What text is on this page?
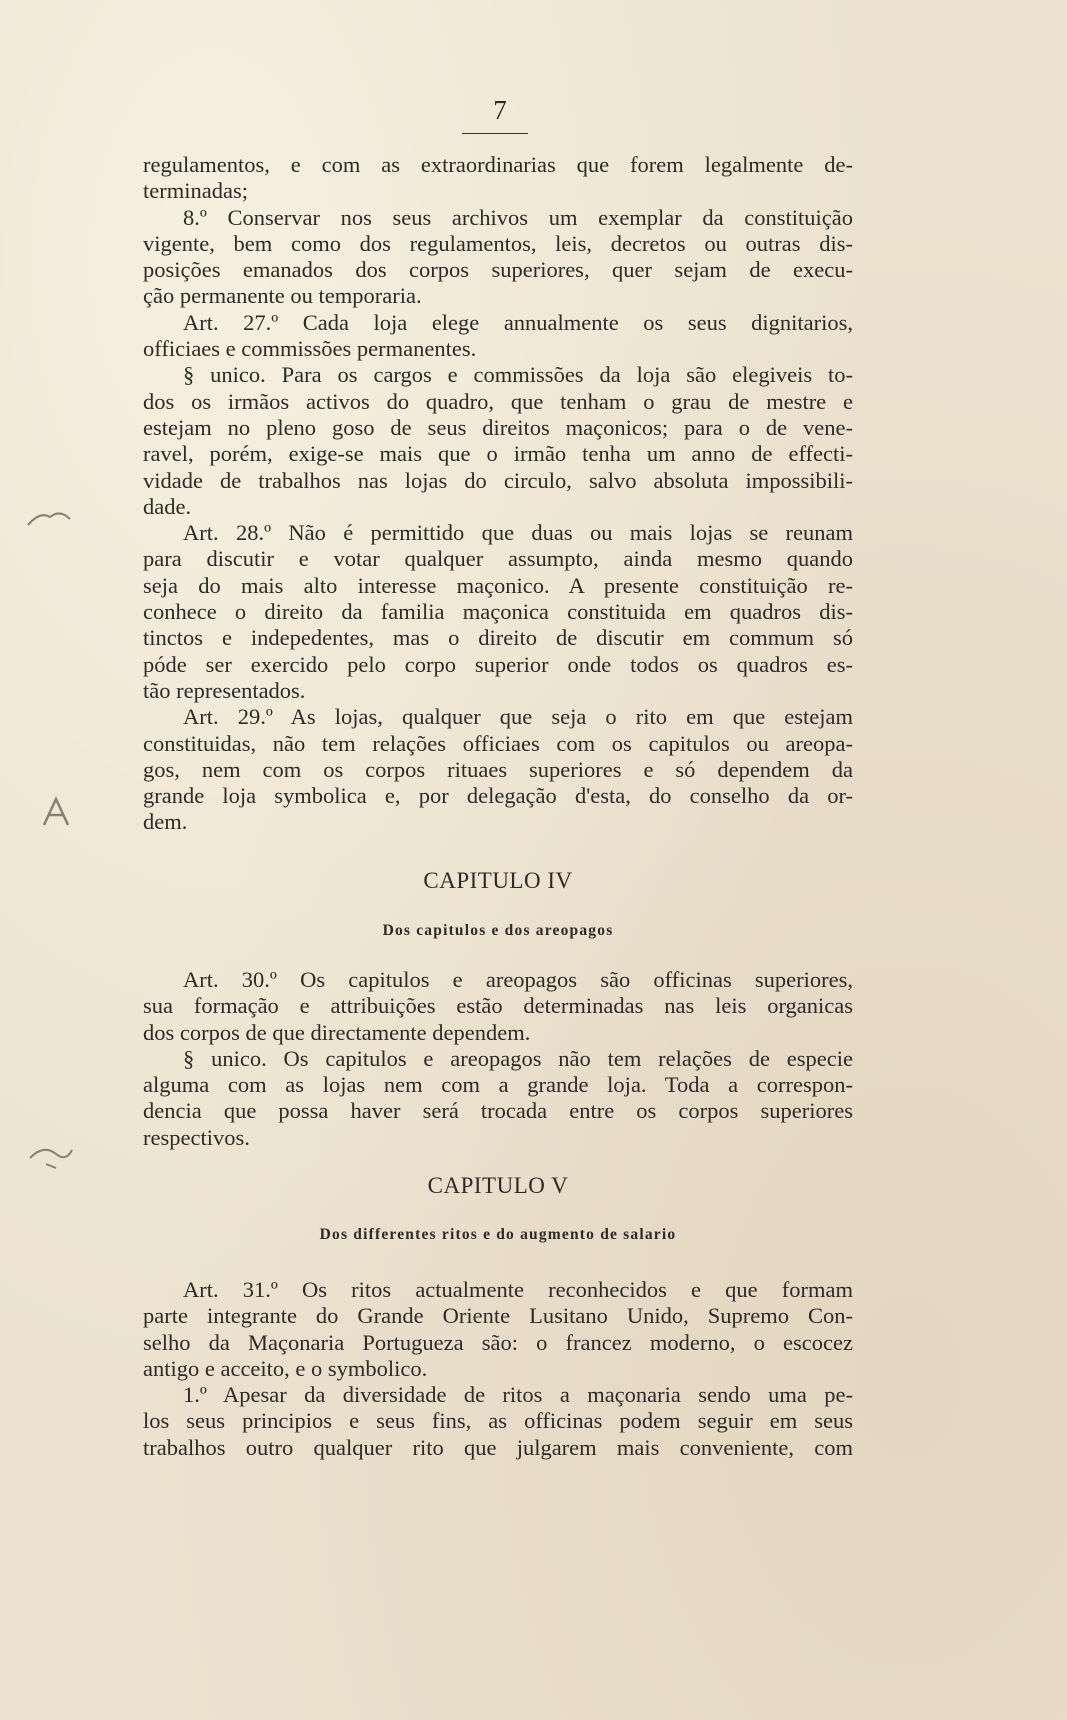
7
regulamentos, e com as extraordinarias que forem legalmente de-
terminadas;
8.º Conservar nos seus archivos um exemplar da constituição
vigente, bem como dos regulamentos, leis, decretos ou outras dis-
posições emanados dos corpos superiores, quer sejam de execu-
ção permanente ou temporaria.
Art. 27.º Cada loja elege annualmente os seus dignitarios,
officiaes e commissões permanentes.
§ unico. Para os cargos e commissões da loja são elegiveis to-
dos os irmãos activos do quadro, que tenham o grau de mestre e
estejam no pleno goso de seus direitos maçonicos; para o de vene-
ravel, porém, exige-se mais que o irmão tenha um anno de effecti-
vidade de trabalhos nas lojas do circulo, salvo absoluta impossibili-
dade.
Art. 28.º Não é permittido que duas ou mais lojas se reunam
para discutir e votar qualquer assumpto, ainda mesmo quando
seja do mais alto interesse maçonico. A presente constituição re-
conhece o direito da familia maçonica constituida em quadros dis-
tinctos e indepedentes, mas o direito de discutir em commum só
póde ser exercido pelo corpo superior onde todos os quadros es-
tão representados.
Art. 29.º As lojas, qualquer que seja o rito em que estejam
constituidas, não tem relações officiaes com os capitulos ou areopa-
gos, nem com os corpos rituaes superiores e só dependem da
grande loja symbolica e, por delegação d'esta, do conselho da or-
dem.
CAPITULO IV
Dos capitulos e dos areopagos
Art. 30.º Os capitulos e areopagos são officinas superiores,
sua formação e attribuições estão determinadas nas leis organicas
dos corpos de que directamente dependem.
§ unico. Os capitulos e areopagos não tem relações de especie
alguma com as lojas nem com a grande loja. Toda a correspon-
dencia que possa haver será trocada entre os corpos superiores
respectivos.
CAPITULO V
Dos differentes ritos e do augmento de salario
Art. 31.º Os ritos actualmente reconhecidos e que formam
parte integrante do Grande Oriente Lusitano Unido, Supremo Con-
selho da Maçonaria Portugueza são: o francez moderno, o escocez
antigo e acceito, e o symbolico.
1.º Apesar da diversidade de ritos a maçonaria sendo uma pe-
los seus principios e seus fins, as officinas podem seguir em seus
trabalhos outro qualquer rito que julgarem mais conveniente, com
